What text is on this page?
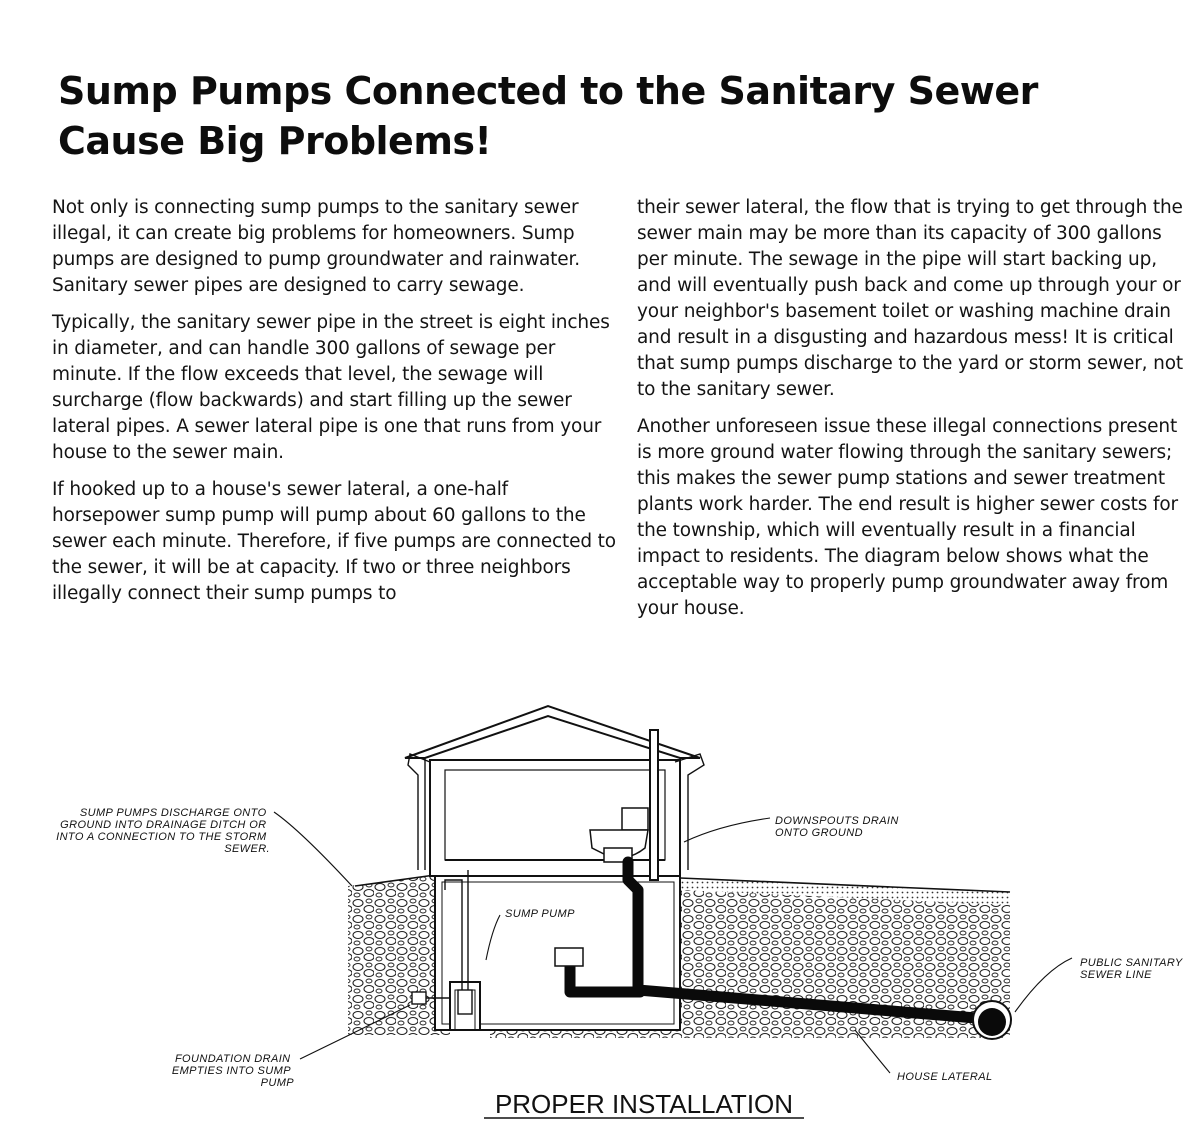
Sump Pumps Connected to the Sanitary Sewer
Cause Big Problems!

Not only is connecting sump pumps to the sanitary sewer illegal, it can create big problems for homeowners. Sump pumps are designed to pump groundwater and rainwater. Sanitary sewer pipes are designed to carry sewage.

Typically, the sanitary sewer pipe in the street is eight inches in diameter, and can handle 300 gallons of sewage per minute. If the flow exceeds that level, the sewage will surcharge (flow backwards) and start filling up the sewer lateral pipes. A sewer lateral pipe is one that runs from your house to the sewer main.

If hooked up to a house's sewer lateral, a one-half horsepower sump pump will pump about 60 gallons to the sewer each minute. Therefore, if five pumps are connected to the sewer, it will be at capacity. If two or three neighbors illegally connect their sump pumps to

their sewer lateral, the flow that is trying to get through the sewer main may be more than its capacity of 300 gallons per minute. The sewage in the pipe will start backing up, and will eventually push back and come up through your or your neighbor's basement toilet or washing machine drain and result in a disgusting and hazardous mess! It is critical that sump pumps discharge to the yard or storm sewer, not to the sanitary sewer.

Another unforeseen issue these illegal connections present is more ground water flowing through the sanitary sewers; this makes the sewer pump stations and sewer treatment plants work harder. The end result is higher sewer costs for the township, which will eventually result in a financial impact to residents. The diagram below shows what the acceptable way to properly pump groundwater away from your house.

SUMP PUMPS DISCHARGE ONTO GROUND INTO DRAINAGE DITCH OR INTO A CONNECTION TO THE STORM SEWER.
DOWNSPOUTS DRAIN ONTO GROUND
SUMP PUMP
PUBLIC SANITARY SEWER LINE
FOUNDATION DRAIN EMPTIES INTO SUMP PUMP	HOUSE LATERAL
PROPER INSTALLATION
